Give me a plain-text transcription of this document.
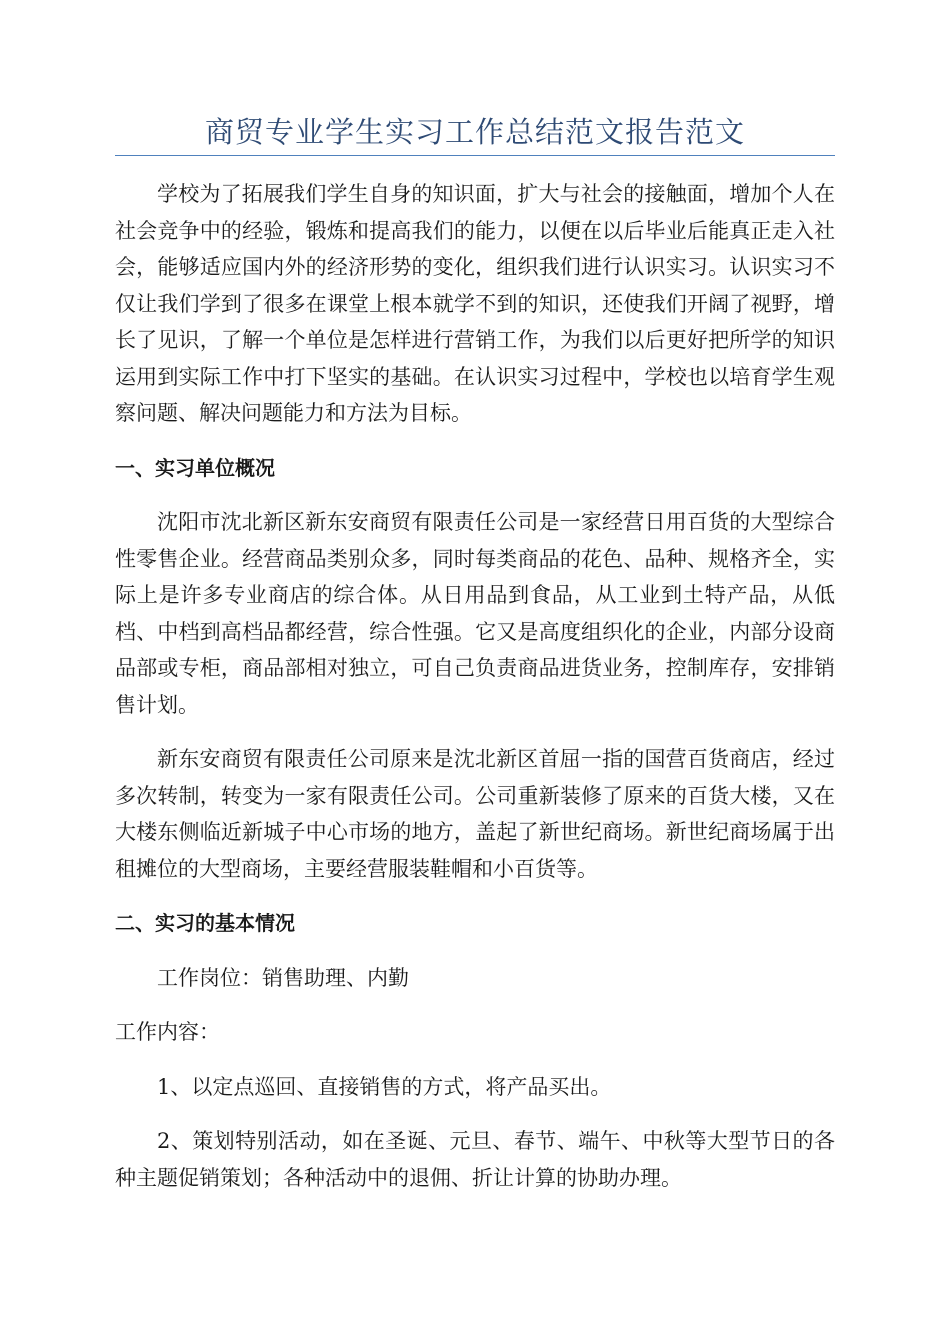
商贸专业学生实习工作总结范文报告范文

学校为了拓展我们学生自身的知识面，扩大与社会的接触面，增加个人在社会竞争中的经验，锻炼和提高我们的能力，以便在以后毕业后能真正走入社会，能够适应国内外的经济形势的变化，组织我们进行认识实习。认识实习不仅让我们学到了很多在课堂上根本就学不到的知识，还使我们开阔了视野，增长了见识，了解一个单位是怎样进行营销工作，为我们以后更好把所学的知识运用到实际工作中打下坚实的基础。在认识实习过程中，学校也以培育学生观察问题、解决问题能力和方法为目标。

一、实习单位概况

沈阳市沈北新区新东安商贸有限责任公司是一家经营日用百货的大型综合性零售企业。经营商品类别众多，同时每类商品的花色、品种、规格齐全，实际上是许多专业商店的综合体。从日用品到食品，从工业到土特产品，从低档、中档到高档品都经营，综合性强。它又是高度组织化的企业，内部分设商品部或专柜，商品部相对独立，可自己负责商品进货业务，控制库存，安排销售计划。

新东安商贸有限责任公司原来是沈北新区首屈一指的国营百货商店，经过多次转制，转变为一家有限责任公司。公司重新装修了原来的百货大楼，又在大楼东侧临近新城子中心市场的地方，盖起了新世纪商场。新世纪商场属于出租摊位的大型商场，主要经营服装鞋帽和小百货等。

二、实习的基本情况

工作岗位：销售助理、内勤

工作内容：

1、以定点巡回、直接销售的方式，将产品买出。

2、策划特别活动，如在圣诞、元旦、春节、端午、中秋等大型节日的各种主题促销策划；各种活动中的退佣、折让计算的协助办理。
